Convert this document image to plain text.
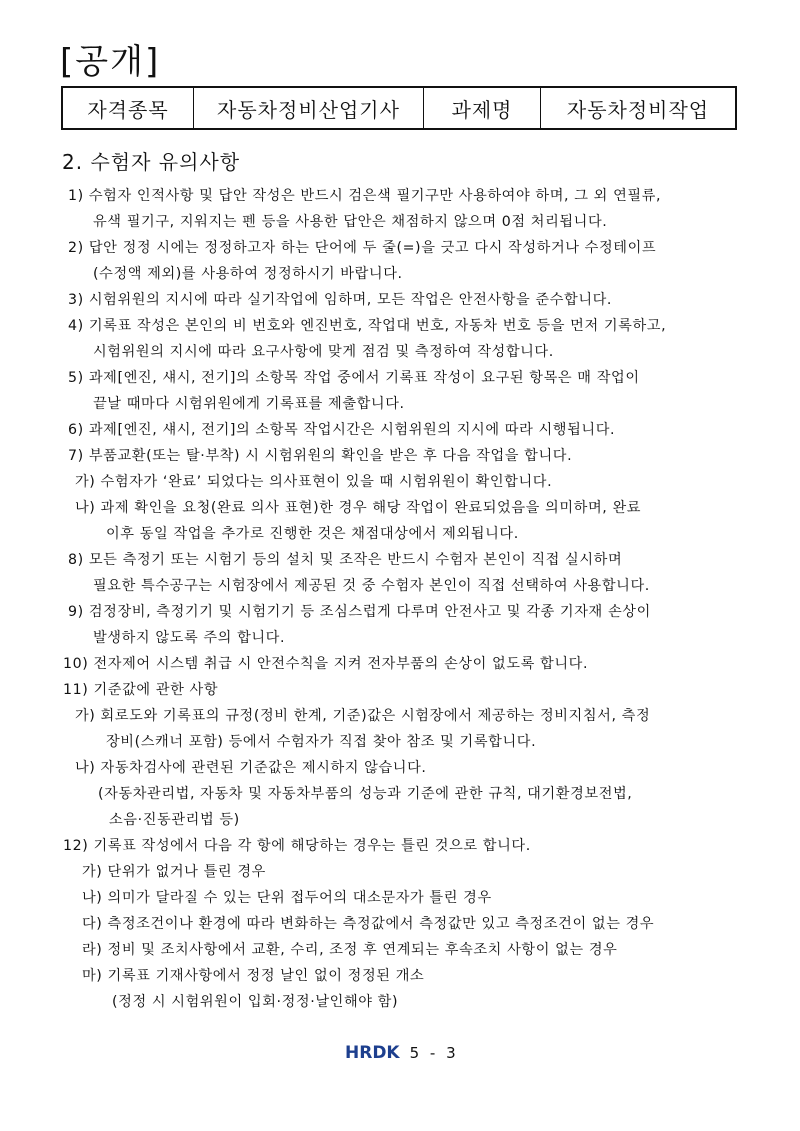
[공개]
자격종목	자동차정비산업기사	과제명	자동차정비작업
2. 수험자 유의사항
1) 수험자 인적사항 및 답안 작성은 반드시 검은색 필기구만 사용하여야 하며, 그 외 연필류,
유색 필기구, 지워지는 펜 등을 사용한 답안은 채점하지 않으며 0점 처리됩니다.
2) 답안 정정 시에는 정정하고자 하는 단어에 두 줄(=)을 긋고 다시 작성하거나 수정테이프
(수정액 제외)를 사용하여 정정하시기 바랍니다.
3) 시험위원의 지시에 따라 실기작업에 임하며, 모든 작업은 안전사항을 준수합니다.
4) 기록표 작성은 본인의 비 번호와 엔진번호, 작업대 번호, 자동차 번호 등을 먼저 기록하고,
시험위원의 지시에 따라 요구사항에 맞게 점검 및 측정하여 작성합니다.
5) 과제[엔진, 섀시, 전기]의 소항목 작업 중에서 기록표 작성이 요구된 항목은 매 작업이
끝날 때마다 시험위원에게 기록표를 제출합니다.
6) 과제[엔진, 섀시, 전기]의 소항목 작업시간은 시험위원의 지시에 따라 시행됩니다.
7) 부품교환(또는 탈·부착) 시 시험위원의 확인을 받은 후 다음 작업을 합니다.
가) 수험자가 ‘완료’ 되었다는 의사표현이 있을 때 시험위원이 확인합니다.
나) 과제 확인을 요청(완료 의사 표현)한 경우 해당 작업이 완료되었음을 의미하며, 완료
이후 동일 작업을 추가로 진행한 것은 채점대상에서 제외됩니다.
8) 모든 측정기 또는 시험기 등의 설치 및 조작은 반드시 수험자 본인이 직접 실시하며
필요한 특수공구는 시험장에서 제공된 것 중 수험자 본인이 직접 선택하여 사용합니다.
9) 검정장비, 측정기기 및 시험기기 등 조심스럽게 다루며 안전사고 및 각종 기자재 손상이
발생하지 않도록 주의 합니다.
10) 전자제어 시스템 취급 시 안전수칙을 지켜 전자부품의 손상이 없도록 합니다.
11) 기준값에 관한 사항
가) 회로도와 기록표의 규정(정비 한계, 기준)값은 시험장에서 제공하는 정비지침서, 측정
장비(스캐너 포함) 등에서 수험자가 직접 찾아 참조 및 기록합니다.
나) 자동차검사에 관련된 기준값은 제시하지 않습니다.
(자동차관리법, 자동차 및 자동차부품의 성능과 기준에 관한 규칙, 대기환경보전법,
소음·진동관리법 등)
12) 기록표 작성에서 다음 각 항에 해당하는 경우는 틀린 것으로 합니다.
가) 단위가 없거나 틀린 경우
나) 의미가 달라질 수 있는 단위 접두어의 대소문자가 틀린 경우
다) 측정조건이나 환경에 따라 변화하는 측정값에서 측정값만 있고 측정조건이 없는 경우
라) 정비 및 조치사항에서 교환, 수리, 조정 후 연계되는 후속조치 사항이 없는 경우
마) 기록표 기재사항에서 정정 날인 없이 정정된 개소
(정정 시 시험위원이 입회·정정·날인해야 함)
HRDK 5 - 3
